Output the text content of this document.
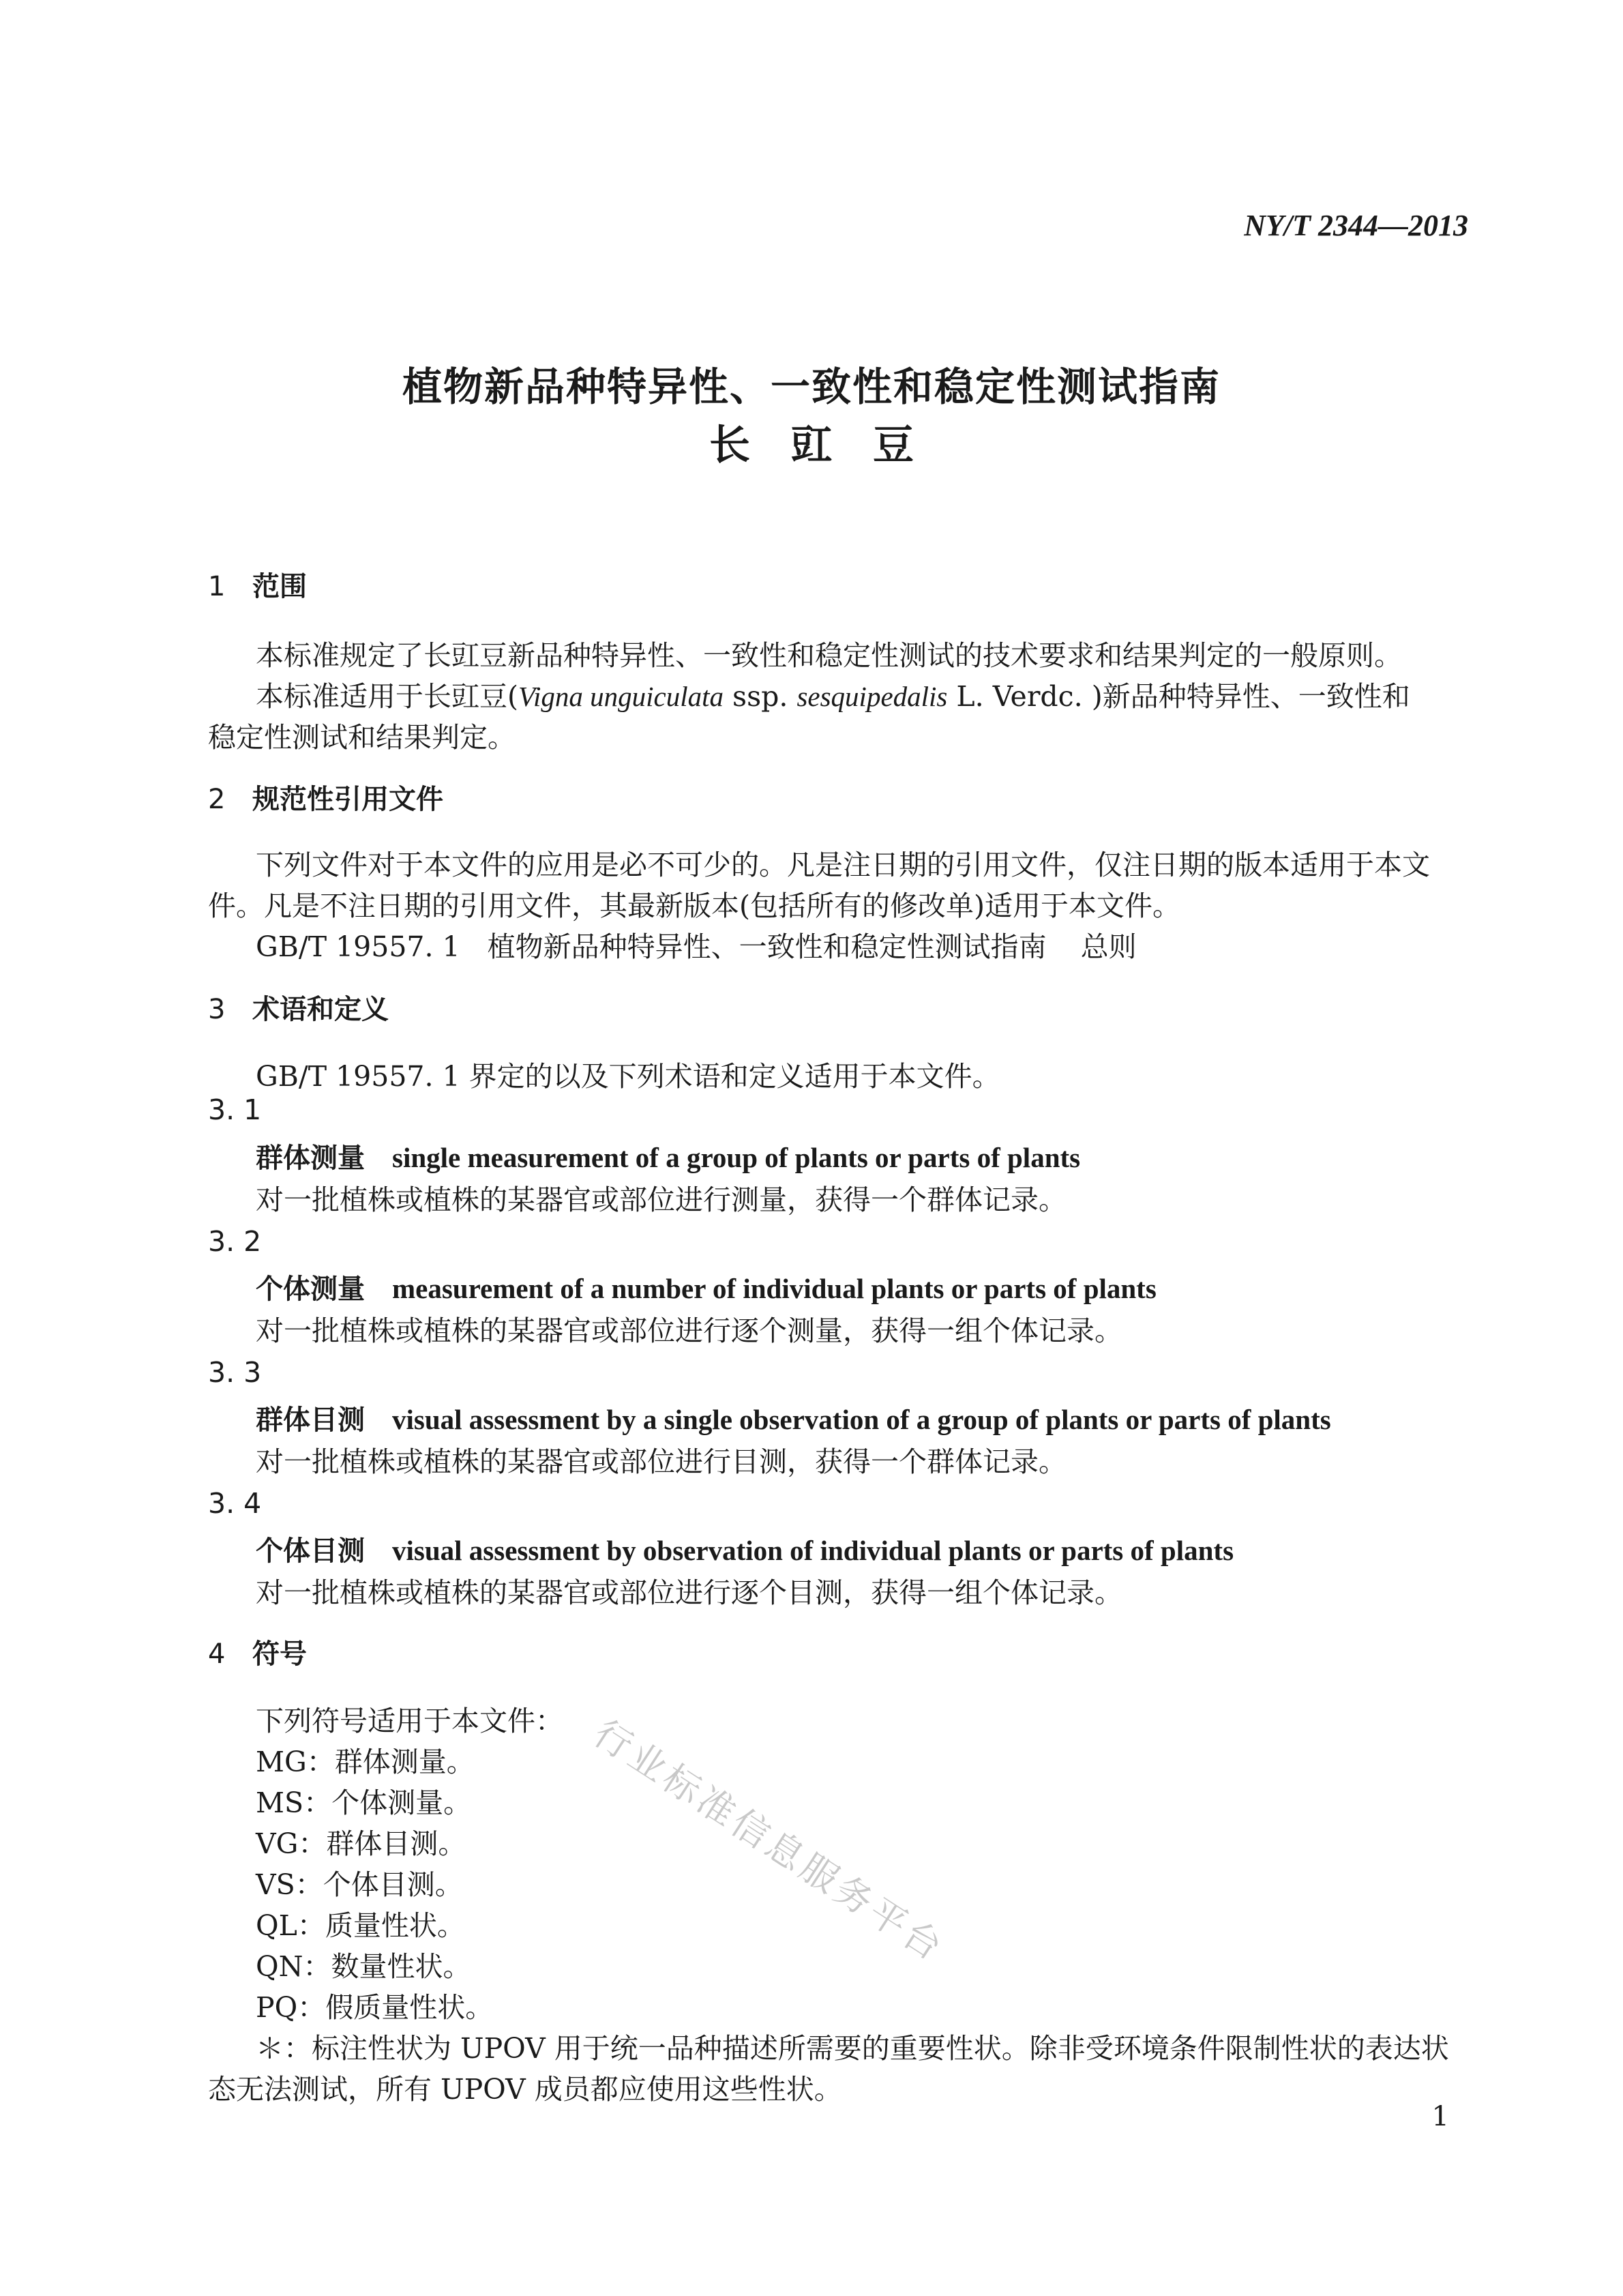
NY/T 2344—2013
植物新品种特异性、一致性和稳定性测试指南
长豇豆
1 范围
本标准规定了长豇豆新品种特异性、一致性和稳定性测试的技术要求和结果判定的一般原则。
本标准适用于长豇豆(Vigna unguiculata ssp. sesquipedalis L. Verdc. )新品种特异性、一致性和
稳定性测试和结果判定。
2 规范性引用文件
下列文件对于本文件的应用是必不可少的。凡是注日期的引用文件，仅注日期的版本适用于本文
件。凡是不注日期的引用文件，其最新版本(包括所有的修改单)适用于本文件。
GB/T 19557. 1 植物新品种特异性、一致性和稳定性测试指南 总则
3 术语和定义
GB/T 19557. 1 界定的以及下列术语和定义适用于本文件。
3. 1
群体测量 single measurement of a group of plants or parts of plants
对一批植株或植株的某器官或部位进行测量，获得一个群体记录。
3. 2
个体测量 measurement of a number of individual plants or parts of plants
对一批植株或植株的某器官或部位进行逐个测量，获得一组个体记录。
3. 3
群体目测 visual assessment by a single observation of a group of plants or parts of plants
对一批植株或植株的某器官或部位进行目测，获得一个群体记录。
3. 4
个体目测 visual assessment by observation of individual plants or parts of plants
对一批植株或植株的某器官或部位进行逐个目测，获得一组个体记录。
4 符号
下列符号适用于本文件：
MG：群体测量。
MS：个体测量。
VG：群体目测。
VS：个体目测。
QL：质量性状。
QN：数量性状。
PQ：假质量性状。
＊：标注性状为 UPOV 用于统一品种描述所需要的重要性状。除非受环境条件限制性状的表达状
态无法测试，所有 UPOV 成员都应使用这些性状。
行业标准信息服务平台
1
